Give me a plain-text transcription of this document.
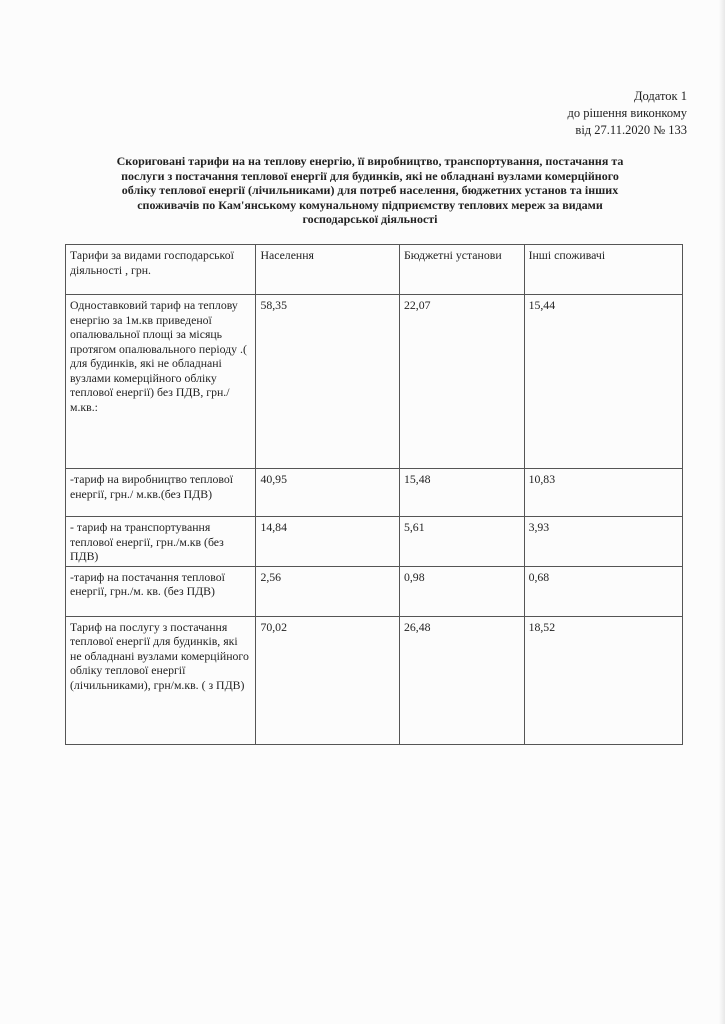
Додаток 1
до рішення виконкому
від 27.11.2020 № 133
Скориговані тарифи на на теплову енергію, її виробництво, транспортування, постачання та
послуги з постачання теплової енергії для будинків, які не обладнані вузлами комерційного
обліку теплової енергії (лічильниками) для потреб населення, бюджетних установ та інших
споживачів по Кам'янському комунальному підприємству теплових мереж за видами
господарської діяльності
Тарифи за видами господарської діяльності , грн.	Населення	Бюджетні установи	Інші споживачі
Одноставковий тариф на теплову енергію за 1м.кв приведеної опалювальної площі за місяць протягом опалювального періоду .( для будинків, які не обладнані вузлами комерційного обліку теплової енергії) без ПДВ, грн./м.кв.:	58,35	22,07	15,44
-тариф на виробництво теплової енергії, грн./ м.кв.(без ПДВ)	40,95	15,48	10,83
- тариф на транспортування теплової енергії, грн./м.кв (без ПДВ)	14,84	5,61	3,93
-тариф на постачання теплової енергії, грн./м. кв. (без ПДВ)	2,56	0,98	0,68
Тариф на послугу з постачання теплової енергії для будинків, які не обладнані вузлами комерційного обліку теплової енергії (лічильниками), грн/м.кв. ( з ПДВ)	70,02	26,48	18,52
